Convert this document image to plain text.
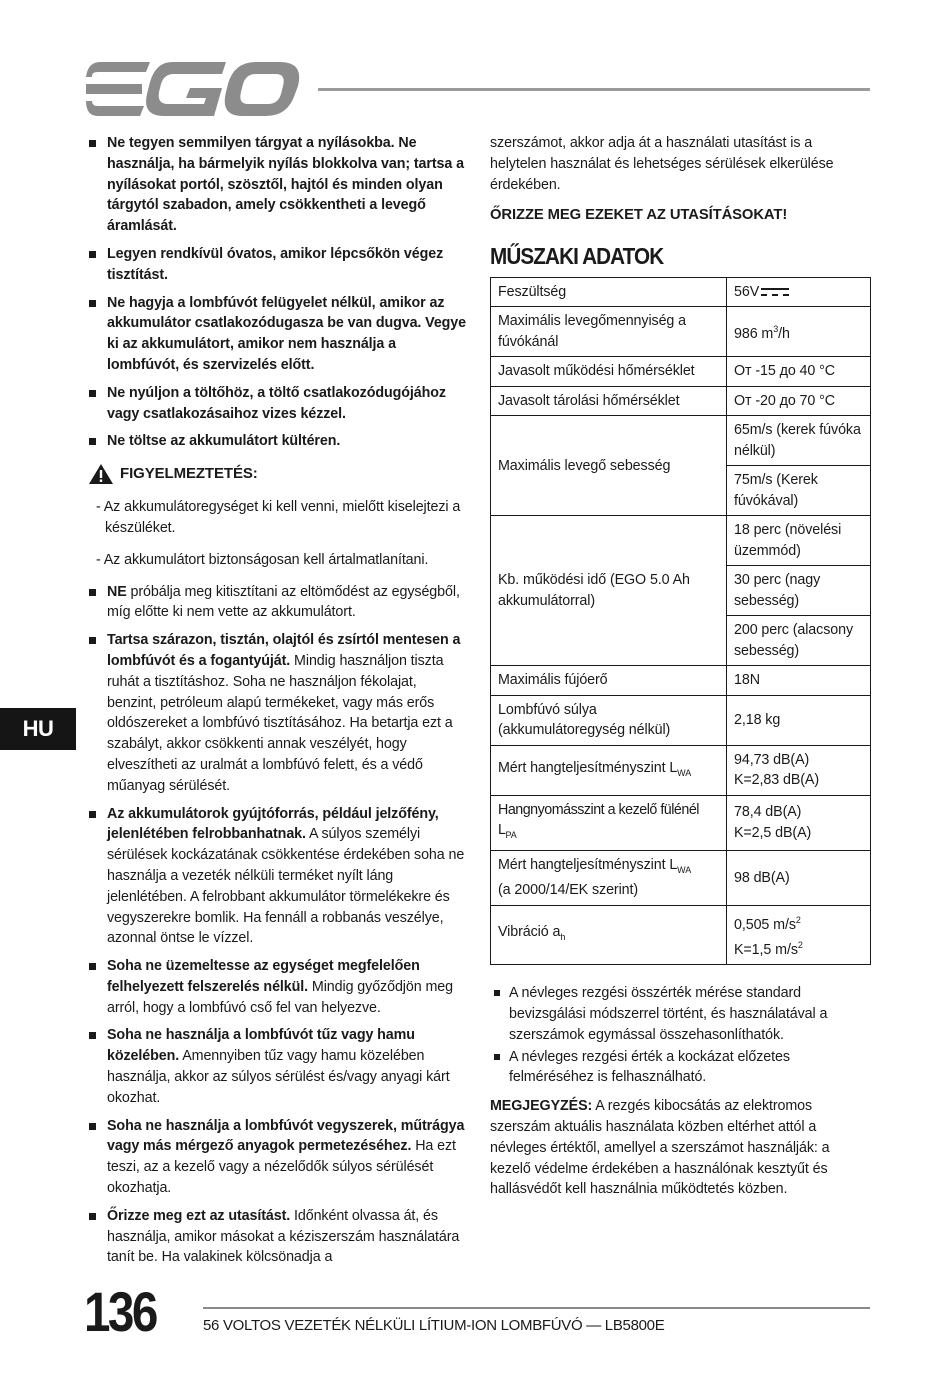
Ne tegyen semmilyen tárgyat a nyílásokba. Ne használja, ha bármelyik nyílás blokkolva van; tartsa a nyílásokat portól, szösztől, hajtól és minden olyan tárgytól szabadon, amely csökkentheti a levegő áramlását.
Legyen rendkívül óvatos, amikor lépcsőkön végez tisztítást.
Ne hagyja a lombfúvót felügyelet nélkül, amikor az akkumulátor csatlakozódugasza be van dugva. Vegye ki az akkumulátort, amikor nem használja a lombfúvót, és szervizelés előtt.
Ne nyúljon a töltőhöz, a töltő csatlakozódugójához vagy csatlakozásaihoz vizes kézzel.
Ne töltse az akkumulátort kültéren.
FIGYELMEZTETÉS:
- Az akkumulátoregységet ki kell venni, mielőtt kiselejtezi a készüléket.
- Az akkumulátort biztonságosan kell ártalmatlanítani.
NE próbálja meg kitisztítani az eltömődést az egységből, míg előtte ki nem vette az akkumulátort.
Tartsa szárazon, tisztán, olajtól és zsírtól mentesen a lombfúvót és a fogantyúját. Mindig használjon tiszta ruhát a tisztításhoz. Soha ne használjon fékolajat, benzint, petróleum alapú termékeket, vagy más erős oldószereket a lombfúvó tisztításához. Ha betartja ezt a szabályt, akkor csökkenti annak veszélyét, hogy elveszítheti az uralmát a lombfúvó felett, és a védő műanyag sérülését.
Az akkumulátorok gyújtóforrás, például jelzőfény, jelenlétében felrobbanhatnak. A súlyos személyi sérülések kockázatának csökkentése érdekében soha ne használja a vezeték nélküli terméket nyílt láng jelenlétében. A felrobbant akkumulátor törmelékekre és vegyszerekre bomlik. Ha fennáll a robbanás veszélye, azonnal öntse le vízzel.
Soha ne üzemeltesse az egységet megfelelően felhelyezett felszerelés nélkül. Mindig győződjön meg arról, hogy a lombfúvó cső fel van helyezve.
Soha ne használja a lombfúvót tűz vagy hamu közelében. Amennyiben tűz vagy hamu közelében használja, akkor az súlyos sérülést és/vagy anyagi kárt okozhat.
Soha ne használja a lombfúvót vegyszerek, műtrágya vagy más mérgező anyagok permetezéséhez. Ha ezt teszi, az a kezelő vagy a nézelődők súlyos sérülését okozhatja.
Őrizze meg ezt az utasítást. Időnként olvassa át, és használja, amikor másokat a kéziszerszám használatára tanít be. Ha valakinek kölcsönadja a
szerszámot, akkor adja át a használati utasítást is a helytelen használat és lehetséges sérülések elkerülése érdekében.
ŐRIZZE MEG EZEKET AZ UTASÍTÁSOKAT!
MŰSZAKI ADATOK
Feszültség	56V
Maximális levegőmennyiség a fúvókánál	986 $m^3/h$
Javasolt működési hőmérséklet	От -15 до 40 °C
Javasolt tárolási hőmérséklet	От -20 до 70 °C
Maximális levegő sebesség	65m/s (kerek fúvóka nélkül)
	75m/s (Kerek fúvókával)
Kb. működési idő (EGO 5.0 Ah akkumulátorral)	18 perc (növelési üzemmód)
	30 perc (nagy sebesség)
	200 perc (alacsony sebesség)
Maximális fújóerő	18N
Lombfúvó súlya (akkumulátoregység nélkül)	2,18 kg
Mért hangteljesítményszint $L_{WA}$	94,73 dB(A)
K=2,83 dB(A)

Hangnyomásszint a kezelő fülénél $L_{PA}$	78,4 dB(A)
K=2,5 dB(A)

Mért hangteljesítményszint $L_{WA}$
(a 2000/14/EK szerint)	98 dB(A)
Vibráció $a_h$	0,505 $m/s^2$
K=1,5 $m/s^2$
A névleges rezgési összérték mérése standard bevizsgálási módszerrel történt, és használatával a szerszámok egymással összehasonlíthatók.
A névleges rezgési érték a kockázat előzetes felméréséhez is felhasználható.
MEGJEGYZÉS: A rezgés kibocsátás az elektromos szerszám aktuális használata közben eltérhet attól a névleges értéktől, amellyel a szerszámot használják: a kezelő védelme érdekében a használónak kesztyűt és hallásvédőt kell használnia működtetés közben.
HU
136	56 VOLTOS VEZETÉK NÉLKÜLI LÍTIUM-ION LOMBFÚVÓ — LB5800E
